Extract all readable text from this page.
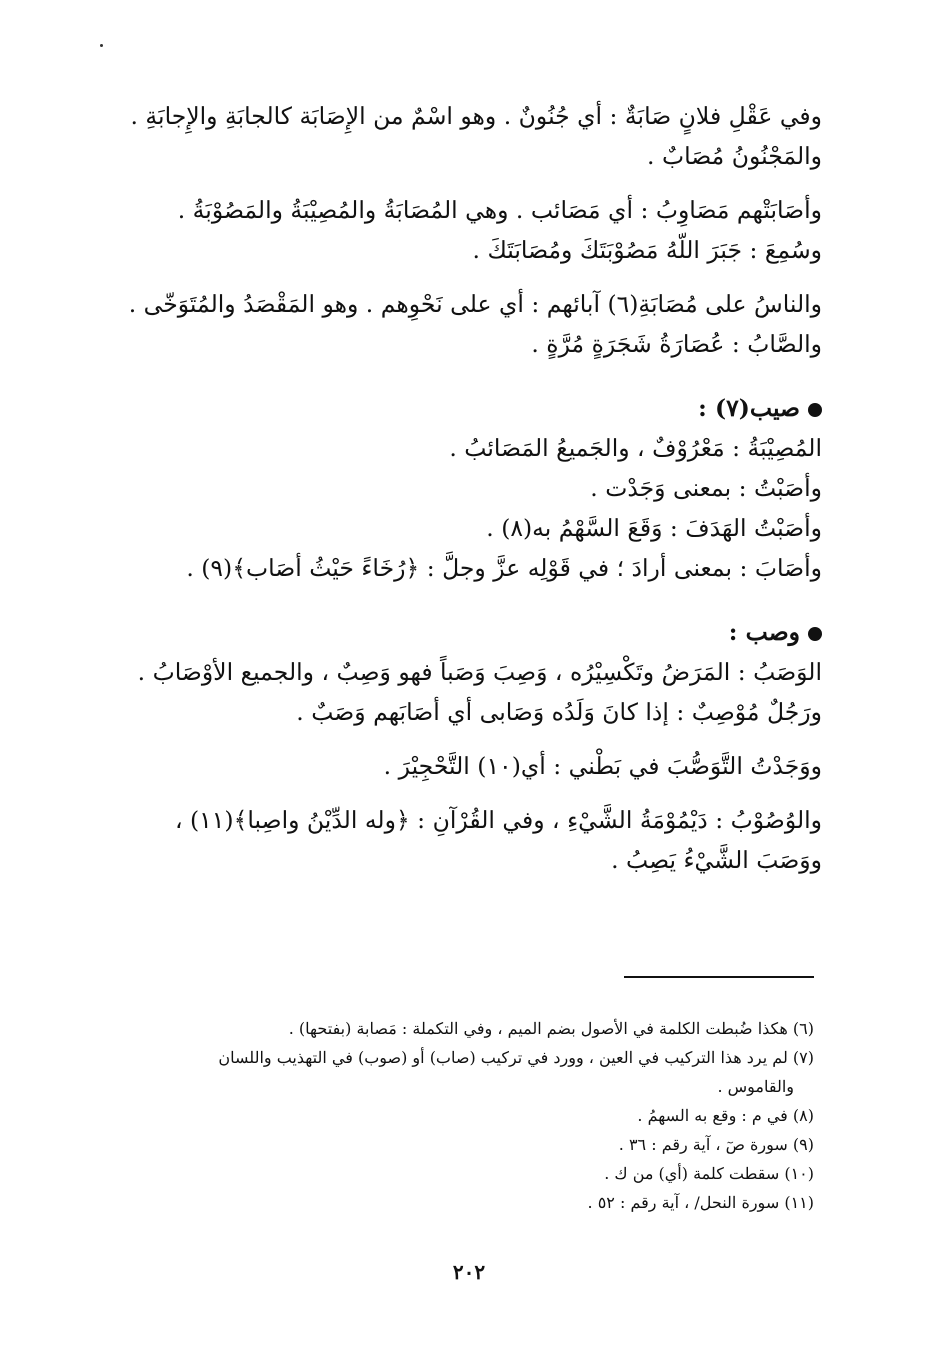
وفي عَقْلِ فلانٍ صَابَةٌ : أي جُنُونٌ . وهو اسْمٌ من الإِصَابَة كالجابَةِ والإِجابَةِ .
والمَجْنُونُ مُصَابٌ .

وأصَابَتْهم مَصَاوِبُ : أي مَصَائب . وهي المُصَابَةُ والمُصِيْبَةُ والمَصُوْبَةُ .
وسُمِعَ : جَبَرَ اللّهُ مَصُوْبَتَكَ ومُصَابَتَكَ .

والناسُ على مُصَابَةِ(٦) آبائهم : أي على نَحْوِهم . وهو المَقْصَدُ والمُتَوَخّى .
والصَّابُ : عُصَارَةُ شَجَرَةٍ مُرَّةٍ .

صيب(٧) :

المُصِيْبَةُ : مَعْرُوْفٌ ، والجَميعُ المَصَائبُ .
وأصَبْتُ : بمعنى وَجَدْت .
وأصَبْتُ الهَدَفَ : وَقَعَ السَّهْمُ به(٨) .
وأصَابَ : بمعنى أرادَ ؛ في قَوْلِه عزَّ وجلَّ : ﴿رُخَاءً حَيْثُ أصَاب﴾(٩) .

وصب :

الوَصَبُ : المَرَضُ وتَكْسِيْرُه ، وَصِبَ وَصَباً فهو وَصِبٌ ، والجميع الأوْصَابُ .
ورَجُلٌ مُوْصِبٌ : إذا كانَ وَلَدُه وَصَابى أي أصَابَهم وَصَبٌ .

ووَجَدْتُ التَّوَصُّبَ في بَطْني : أي(١٠) التَّحْجِيْرَ .

والوُصُوْبُ : دَيْمُوْمَةُ الشَّيْءِ ، وفي القُرْآنِ : ﴿وله الدِّيْنُ واصِبا﴾(١١) ،
ووَصَبَ الشَّيْءُ يَصِبُ .

(٦) هكذا ضُبطت الكلمة في الأصول بضم الميم ، وفي التكملة : مَصابة (بفتحها) .
(٧) لم يرد هذا التركيب في العين ، وورد في تركيب (صاب) أو (صوب) في التهذيب واللسان
والقاموس .
(٨) في م : وقع به السهمُ .
(٩) سورة صٓ ، آية رقم : ٣٦ .
(١٠) سقطت كلمة (أي) من ك .
(١١) سورة النحل/ ، آية رقم : ٥٢ .
٢٠٢
